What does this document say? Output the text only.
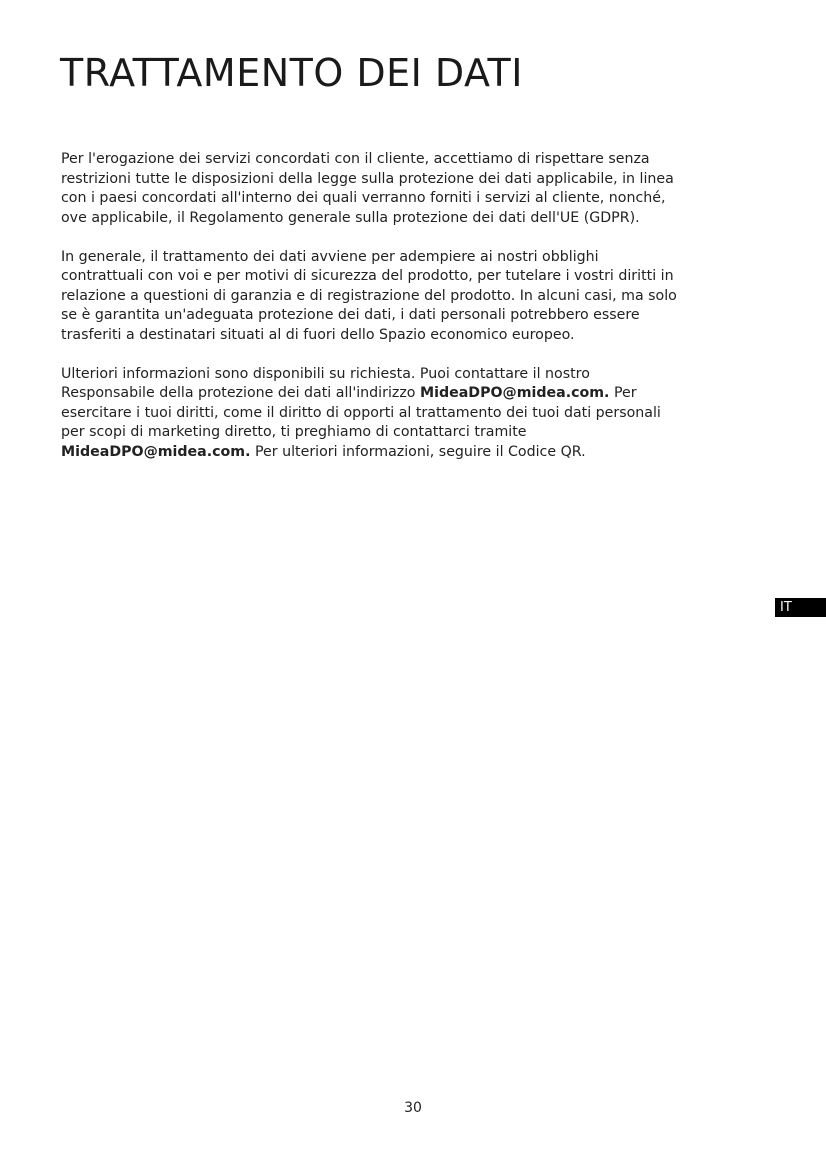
TRATTAMENTO DEI DATI

Per l'erogazione dei servizi concordati con il cliente, accettiamo di rispettare senza
restrizioni tutte le disposizioni della legge sulla protezione dei dati applicabile, in linea
con i paesi concordati all'interno dei quali verranno forniti i servizi al cliente, nonché,
ove applicabile, il Regolamento generale sulla protezione dei dati dell'UE (GDPR).

In generale, il trattamento dei dati avviene per adempiere ai nostri obblighi
contrattuali con voi e per motivi di sicurezza del prodotto, per tutelare i vostri diritti in
relazione a questioni di garanzia e di registrazione del prodotto. In alcuni casi, ma solo
se è garantita un'adeguata protezione dei dati, i dati personali potrebbero essere
trasferiti a destinatari situati al di fuori dello Spazio economico europeo.

Ulteriori informazioni sono disponibili su richiesta. Puoi contattare il nostro
Responsabile della protezione dei dati all'indirizzo MideaDPO@midea.com. Per
esercitare i tuoi diritti, come il diritto di opporti al trattamento dei tuoi dati personali
per scopi di marketing diretto, ti preghiamo di contattarci tramite
MideaDPO@midea.com. Per ulteriori informazioni, seguire il Codice QR.

IT
30
